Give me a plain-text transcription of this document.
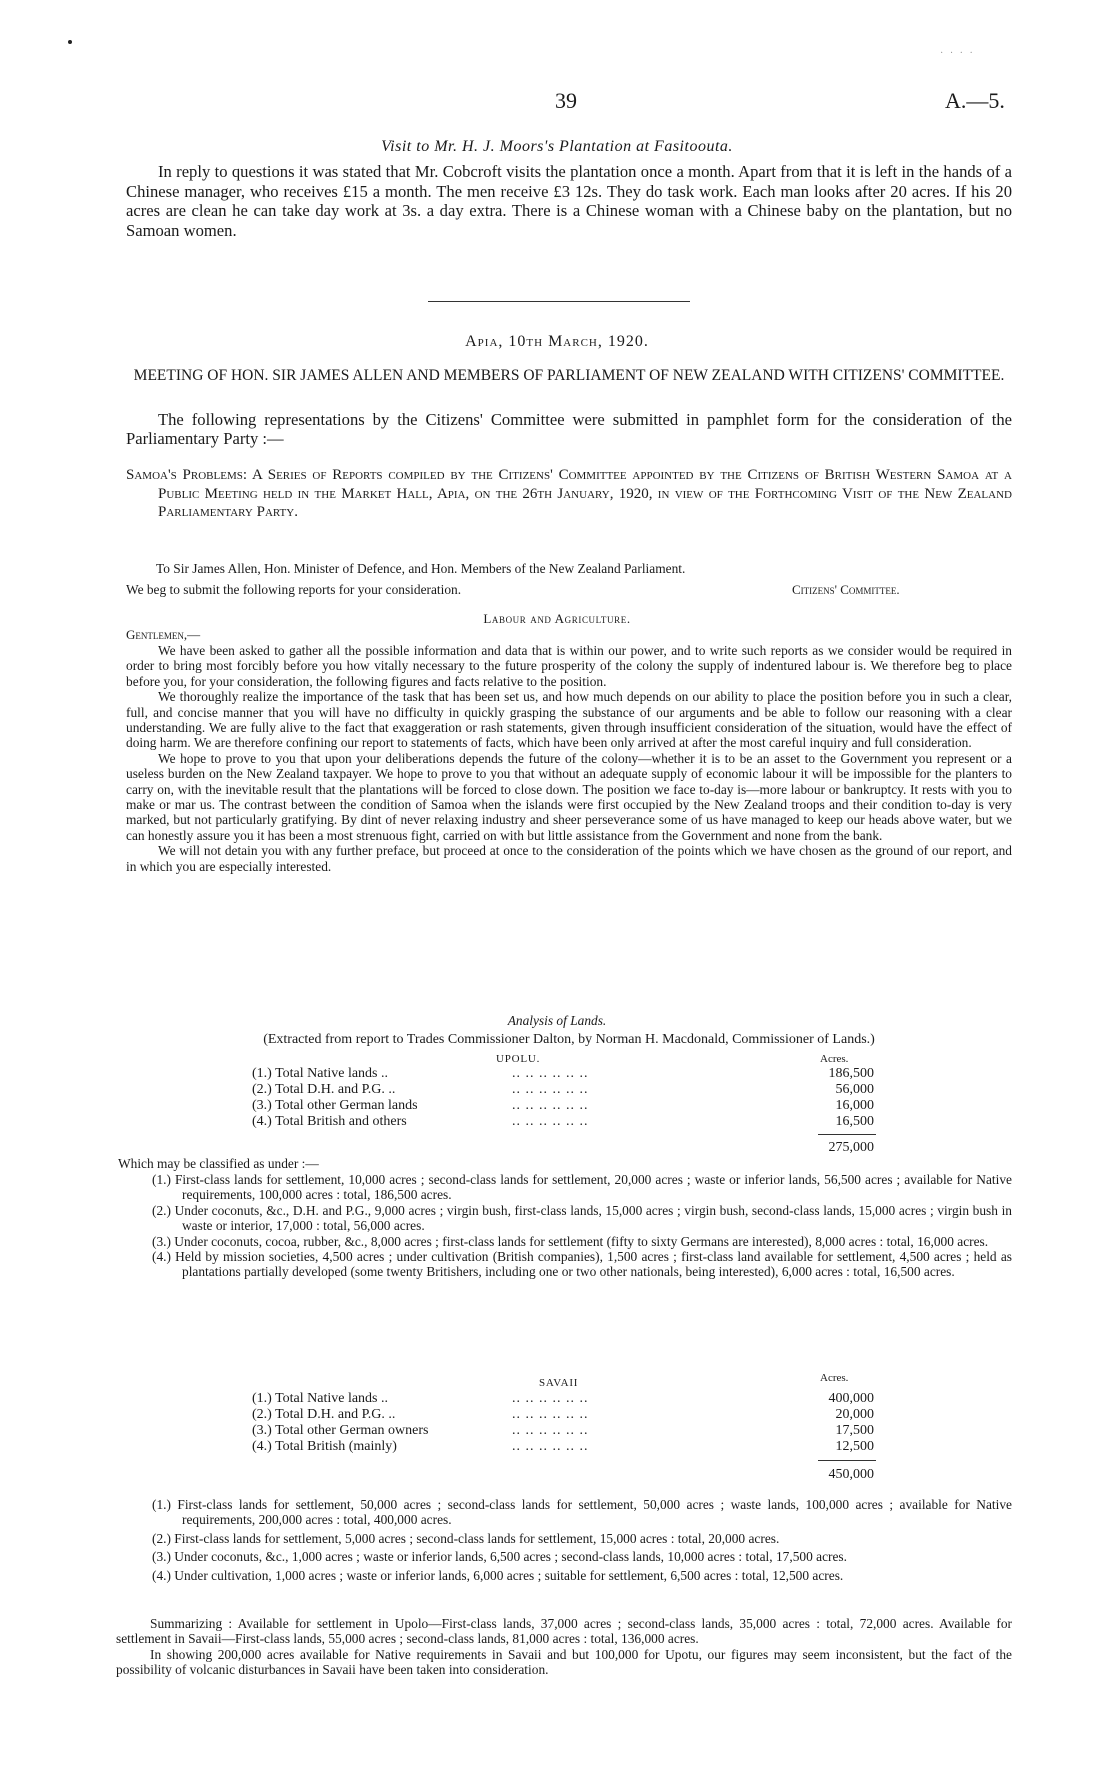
· · · ·
39	A.—5.
Visit to Mr. H. J. Moors's Plantation at Fasitoouta.

In reply to questions it was stated that Mr. Cobcroft visits the plantation once a month. Apart from that it is left in the hands of a Chinese manager, who receives £15 a month. The men receive £3 12s. They do task work. Each man looks after 20 acres. If his 20 acres are clean he can take day work at 3s. a day extra. There is a Chinese woman with a Chinese baby on the plantation, but no Samoan women.

Apia, 10th March, 1920.
MEETING OF HON. SIR JAMES ALLEN AND MEMBERS OF PARLIAMENT OF NEW ZEALAND WITH CITIZENS' COMMITTEE.

The following representations by the Citizens' Committee were submitted in pamphlet form for the consideration of the Parliamentary Party :—

Samoa's Problems: A Series of Reports compiled by the Citizens' Committee appointed by the Citizens of British Western Samoa at a Public Meeting held in the Market Hall, Apia, on the 26th January, 1920, in view of the Forthcoming Visit of the New Zealand Parliamentary Party.

To Sir James Allen, Hon. Minister of Defence, and Hon. Members of the New Zealand Parliament.
We beg to submit the following reports for your consideration.	Citizens' Committee.
Labour and Agriculture.
Gentlemen,—

We have been asked to gather all the possible information and data that is within our power, and to write such reports as we consider would be required in order to bring most forcibly before you how vitally necessary to the future prosperity of the colony the supply of indentured labour is. We therefore beg to place before you, for your consideration, the following figures and facts relative to the position.

We thoroughly realize the importance of the task that has been set us, and how much depends on our ability to place the position before you in such a clear, full, and concise manner that you will have no difficulty in quickly grasping the substance of our arguments and be able to follow our reasoning with a clear understanding. We are fully alive to the fact that exaggeration or rash statements, given through insufficient consideration of the situation, would have the effect of doing harm. We are therefore confining our report to statements of facts, which have been only arrived at after the most careful inquiry and full consideration.

We hope to prove to you that upon your deliberations depends the future of the colony—whether it is to be an asset to the Government you represent or a useless burden on the New Zealand taxpayer. We hope to prove to you that without an adequate supply of economic labour it will be impossible for the planters to carry on, with the inevitable result that the plantations will be forced to close down. The position we face to-day is—more labour or bankruptcy. It rests with you to make or mar us. The contrast between the condition of Samoa when the islands were first occupied by the New Zealand troops and their condition to-day is very marked, but not particularly gratifying. By dint of never relaxing industry and sheer perseverance some of us have managed to keep our heads above water, but we can honestly assure you it has been a most strenuous fight, carried on with but little assistance from the Government and none from the bank.

We will not detain you with any further preface, but proceed at once to the consideration of the points which we have chosen as the ground of our report, and in which you are especially interested.

Analysis of Lands.
(Extracted from report to Trades Commissioner Dalton, by Norman H. Macdonald, Commissioner of Lands.)
UPOLU.	Acres.
(1.) Total Native lands ..	.. .. .. .. .. ..	186,500
(2.) Total D.H. and P.G. ..	.. .. .. .. .. ..	56,000
(3.) Total other German lands	.. .. .. .. .. ..	16,000
(4.) Total British and others	.. .. .. .. .. ..	16,500
275,000
Which may be classified as under :—

(1.) First-class lands for settlement, 10,000 acres ; second-class lands for settlement, 20,000 acres ; waste or inferior lands, 56,500 acres ; available for Native requirements, 100,000 acres : total, 186,500 acres.

(2.) Under coconuts, &c., D.H. and P.G., 9,000 acres ; virgin bush, first-class lands, 15,000 acres ; virgin bush, second-class lands, 15,000 acres ; virgin bush in waste or interior, 17,000 : total, 56,000 acres.

(3.) Under coconuts, cocoa, rubber, &c., 8,000 acres ; first-class lands for settlement (fifty to sixty Germans are interested), 8,000 acres : total, 16,000 acres.

(4.) Held by mission societies, 4,500 acres ; under cultivation (British companies), 1,500 acres ; first-class land available for settlement, 4,500 acres ; held as plantations partially developed (some twenty Britishers, including one or two other nationals, being interested), 6,000 acres : total, 16,500 acres.

SAVAII	Acres.
(1.) Total Native lands ..	.. .. .. .. .. ..	400,000
(2.) Total D.H. and P.G. ..	.. .. .. .. .. ..	20,000
(3.) Total other German owners	.. .. .. .. .. ..	17,500
(4.) Total British (mainly)	.. .. .. .. .. ..	12,500
450,000

(1.) First-class lands for settlement, 50,000 acres ; second-class lands for settlement, 50,000 acres ; waste lands, 100,000 acres ; available for Native requirements, 200,000 acres : total, 400,000 acres.

(2.) First-class lands for settlement, 5,000 acres ; second-class lands for settlement, 15,000 acres : total, 20,000 acres.

(3.) Under coconuts, &c., 1,000 acres ; waste or inferior lands, 6,500 acres ; second-class lands, 10,000 acres : total, 17,500 acres.

(4.) Under cultivation, 1,000 acres ; waste or inferior lands, 6,000 acres ; suitable for settlement, 6,500 acres : total, 12,500 acres.

Summarizing : Available for settlement in Upolo—First-class lands, 37,000 acres ; second-class lands, 35,000 acres : total, 72,000 acres. Available for settlement in Savaii—First-class lands, 55,000 acres ; second-class lands, 81,000 acres : total, 136,000 acres.

In showing 200,000 acres available for Native requirements in Savaii and but 100,000 for Upotu, our figures may seem inconsistent, but the fact of the possibility of volcanic disturbances in Savaii have been taken into consideration.
